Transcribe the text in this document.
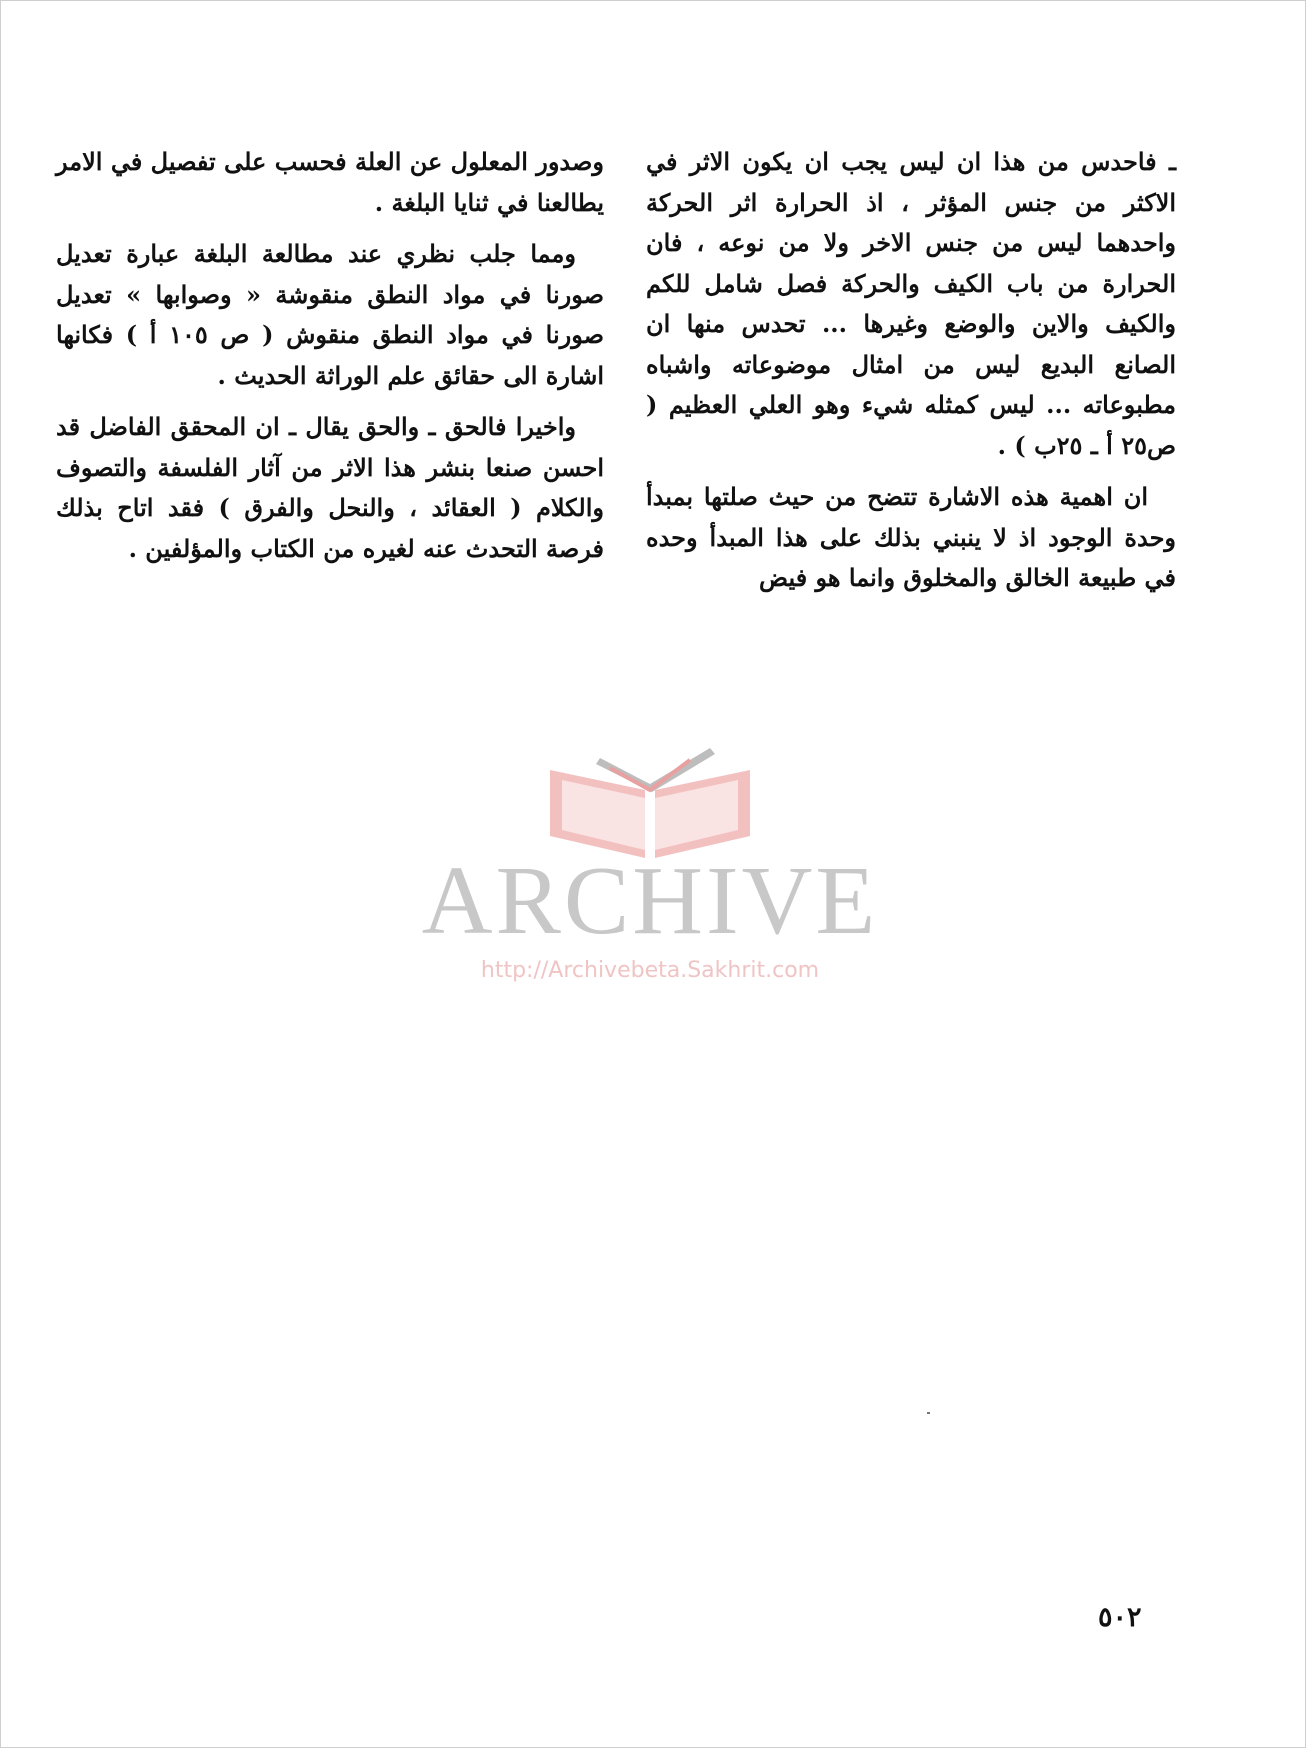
ـ فاحدس من هذا ان ليس يجب ان يكون الاثر في الاكثر من جنس المؤثر ، اذ الحرارة اثر الحركة واحدهما ليس من جنس الاخر ولا من نوعه ، فان الحرارة من باب الكيف والحركة فصل شامل للكم والكيف والاين والوضع وغيرها ... تحدس منها ان الصانع البديع ليس من امثال موضوعاته واشباه مطبوعاته ... ليس كمثله شيء وهو العلي العظيم ( ص٢٥ أ ـ ٢٥ب ) .

ان اهمية هذه الاشارة تتضح من حيث صلتها بمبدأ وحدة الوجود اذ لا ينبني بذلك على هذا المبدأ وحده في طبيعة الخالق والمخلوق وانما هو فيض

وصدور المعلول عن العلة فحسب على تفصيل في الامر يطالعنا في ثنايا البلغة .

ومما جلب نظري عند مطالعة البلغة عبارة تعديل صورنا في مواد النطق منقوشة « وصوابها » تعديل صورنا في مواد النطق منقوش ( ص ١٠٥ أ ) فكانها اشارة الى حقائق علم الوراثة الحديث .

واخيرا فالحق ـ والحق يقال ـ ان المحقق الفاضل قد احسن صنعا بنشر هذا الاثر من آثار الفلسفة والتصوف والكلام ( العقائد ، والنحل والفرق ) فقد اتاح بذلك فرصة التحدث عنه لغيره من الكتاب والمؤلفين .

ARCHIVE
http://Archivebeta.Sakhrit.com
٥٠٢
